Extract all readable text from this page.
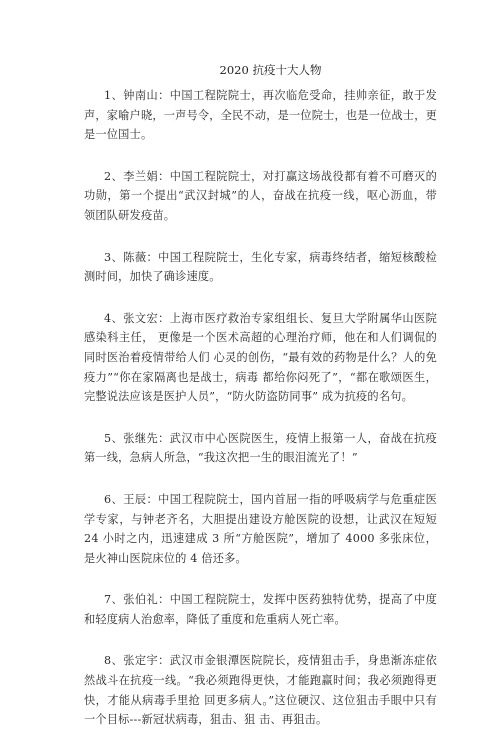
2020 抗疫十大人物

1、钟南山：中国工程院院士，再次临危受命，挂帅亲征，敢于发声，家喻户晓，一声号令，全民不动，是一位院士，也是一位战士，更是一位国士。

2、李兰娟：中国工程院院士，对打赢这场战役都有着不可磨灭的功勋，第一个提出“武汉封城”的人，奋战在抗疫一线，呕心沥血，带领团队研发疫苗。

3、陈薇：中国工程院院士，生化专家，病毒终结者，缩短核酸检测时间，加快了确诊速度。

4、张文宏：上海市医疗救治专家组组长、复旦大学附属华山医院感染科主任， 更像是一个医术高超的心理治疗师，他在和人们调侃的同时医治着疫情带给人们 心灵的创伤，“最有效的药物是什么？人的免疫力”“你在家隔离也是战士，病毒 都给你闷死了”，“都在歌颂医生，完整说法应该是医护人员”，“防火防盗防同事” 成为抗疫的名句。

5、张继先：武汉市中心医院医生，疫情上报第一人，奋战在抗疫第一线，急病人所急，“我这次把一生的眼泪流光了！”

6、王辰：中国工程院院士，国内首屈一指的呼吸病学与危重症医学专家，与钟老齐名，大胆提出建设方舱医院的设想，让武汉在短短 24 小时之内，迅速建成 3 所“方舱医院”，增加了 4000 多张床位，是火神山医院床位的 4 倍还多。

7、张伯礼：中国工程院院士，发挥中医药独特优势，提高了中度和轻度病人治愈率，降低了重度和危重病人死亡率。

8、张定宇：武汉市金银潭医院院长，疫情狙击手，身患渐冻症依然战斗在抗疫一线。“我必须跑得更快，才能跑赢时间；我必须跑得更快，才能从病毒手里抢 回更多病人。”这位硬汉、这位狙击手眼中只有一个目标---新冠状病毒，狙击、狙 击、再狙击。
